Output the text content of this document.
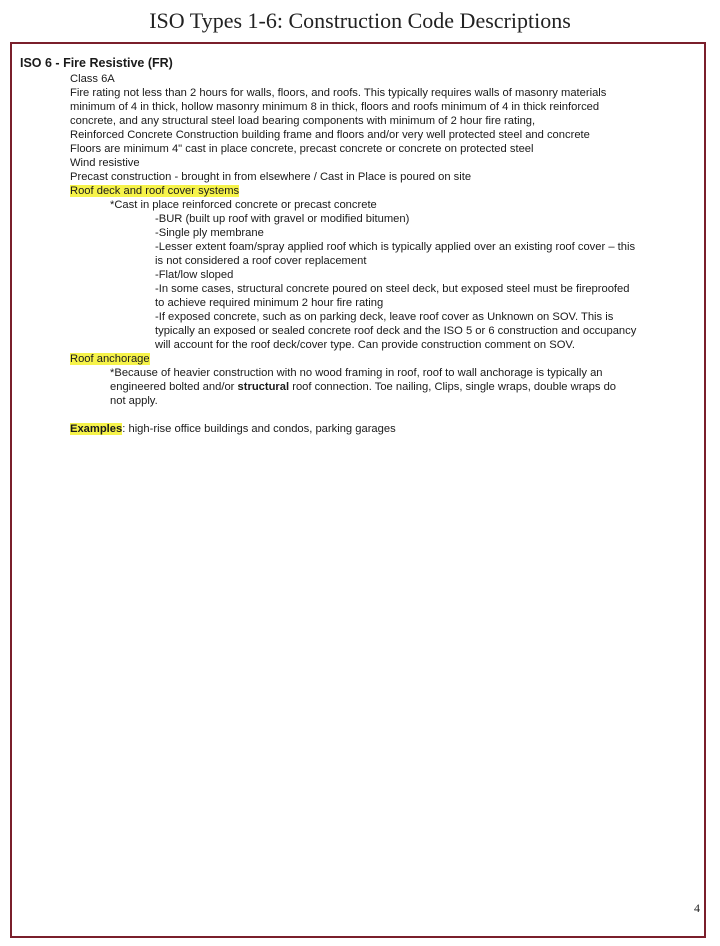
ISO Types 1-6: Construction Code Descriptions
ISO 6 - Fire Resistive (FR)
Class 6A
Fire rating not less than 2 hours for walls, floors, and roofs. This typically requires walls of masonry materials
minimum of 4 in thick, hollow masonry minimum 8 in thick, floors and roofs minimum of 4 in thick reinforced
concrete, and any structural steel load bearing components with minimum of 2 hour fire rating,
Reinforced Concrete Construction building frame and floors and/or very well protected steel and concrete
Floors are minimum 4" cast in place concrete, precast concrete or concrete on protected steel
Wind resistive
Precast construction - brought in from elsewhere / Cast in Place is poured on site
Roof deck and roof cover systems
*Cast in place reinforced concrete or precast concrete
-BUR (built up roof with gravel or modified bitumen)
-Single ply membrane
-Lesser extent foam/spray applied roof which is typically applied over an existing roof cover – this
is not considered a roof cover replacement
-Flat/low sloped
-In some cases, structural concrete poured on steel deck, but exposed steel must be fireproofed
to achieve required minimum 2 hour fire rating
-If exposed concrete, such as on parking deck, leave roof cover as Unknown on SOV. This is
typically an exposed or sealed concrete roof deck and the ISO 5 or 6 construction and occupancy
will account for the roof deck/cover type. Can provide construction comment on SOV.
Roof anchorage
*Because of heavier construction with no wood framing in roof, roof to wall anchorage is typically an
engineered bolted and/or structural roof connection. Toe nailing, Clips, single wraps, double wraps do
not apply.
Examples: high-rise office buildings and condos, parking garages
4
